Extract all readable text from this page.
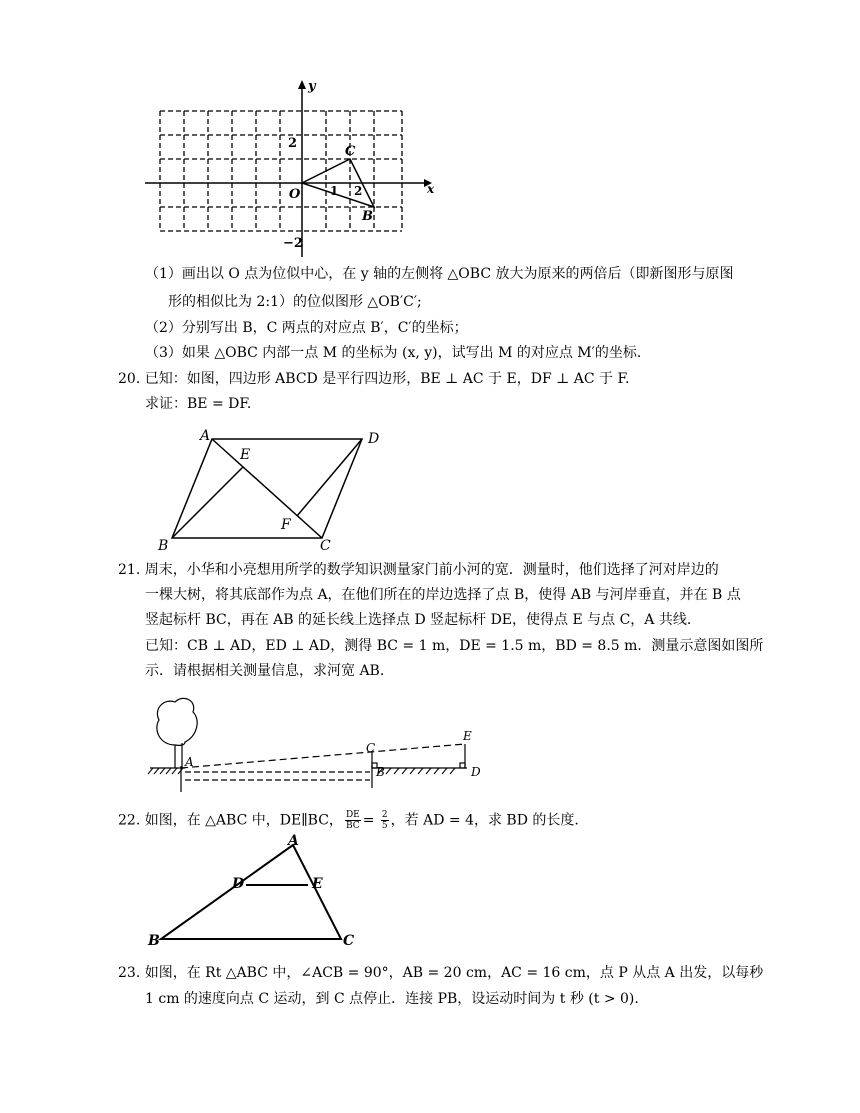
y
x
O
2
−2
1 2
C
B
（1）画出以 O 点为位似中心，在 y 轴的左侧将 △OBC 放大为原来的两倍后（即新图形与原图
形的相似比为 2:1）的位似图形 △OB′C′;
（2）分别写出 B，C 两点的对应点 B′，C′的坐标；
（3）如果 △OBC 内部一点 M 的坐标为 (x, y)，试写出 M 的对应点 M′的坐标.
20. 已知：如图，四边形 ABCD 是平行四边形，BE ⊥ AC 于 E，DF ⊥ AC 于 F.
求证：BE = DF.
A	D
E
F
B	C
21. 周末，小华和小亮想用所学的数学知识测量家门前小河的宽．测量时，他们选择了河对岸边的
一棵大树，将其底部作为点 A，在他们所在的岸边选择了点 B，使得 AB 与河岸垂直，并在 B 点
竖起标杆 BC，再在 AB 的延长线上选择点 D 竖起标杆 DE，使得点 E 与点 C，A 共线.
已知：CB ⊥ AD，ED ⊥ AD，测得 BC = 1 m，DE = 1.5 m，BD = 8.5 m．测量示意图如图所
示．请根据相关测量信息，求河宽 AB.
A
C
B
E
D
22. 如图，在 △ABC 中，DE∥BC， $\frac{DE}{BC} = \frac{2}{5}$ ，若 AD = 4，求 BD 的长度.
A
D	E
B	C
23. 如图，在 Rt △ABC 中，∠ACB = 90°，AB = 20 cm，AC = 16 cm，点 P 从点 A 出发，以每秒
1 cm 的速度向点 C 运动，到 C 点停止．连接 PB，设运动时间为 t 秒 (t > 0).
